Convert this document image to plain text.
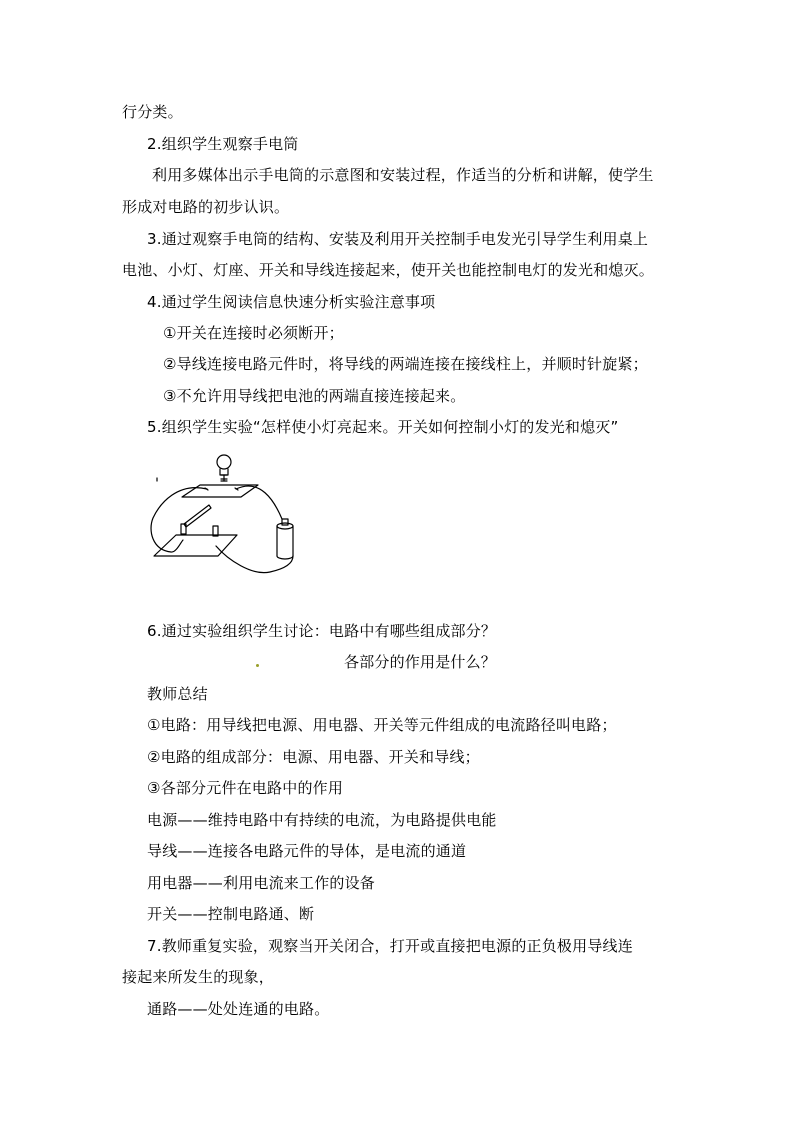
行分类。
2.组织学生观察手电筒
利用多媒体出示手电筒的示意图和安装过程，作适当的分析和讲解，使学生
形成对电路的初步认识。
3.通过观察手电筒的结构、安装及利用开关控制手电发光引导学生利用桌上
电池、小灯、灯座、开关和导线连接起来，使开关也能控制电灯的发光和熄灭。
4.通过学生阅读信息快速分析实验注意事项
①开关在连接时必须断开；
②导线连接电路元件时，将导线的两端连接在接线柱上，并顺时针旋紧；
③不允许用导线把电池的两端直接连接起来。
5.组织学生实验“怎样使小灯亮起来。开关如何控制小灯的发光和熄灭”
6.通过实验组织学生讨论：电路中有哪些组成部分？
各部分的作用是什么？
教师总结
①电路：用导线把电源、用电器、开关等元件组成的电流路径叫电路；
②电路的组成部分：电源、用电器、开关和导线；
③各部分元件在电路中的作用
电源——维持电路中有持续的电流，为电路提供电能
导线——连接各电路元件的导体，是电流的通道
用电器——利用电流来工作的设备
开关——控制电路通、断
7.教师重复实验，观察当开关闭合，打开或直接把电源的正负极用导线连
接起来所发生的现象，
通路——处处连通的电路。
